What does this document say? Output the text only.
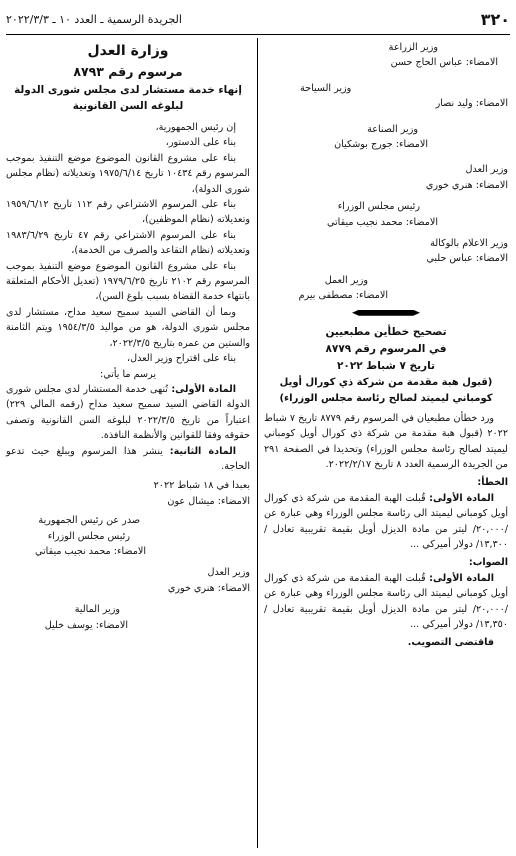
٣٢٠
الجريدة الرسمية ـ العدد ١٠ ـ ٢٠٢٢/٣/٣
وزير الزراعة
الامضاء: عباس الحاج حسن
وزير السياحة
الامضاء: وليد نصار
وزير الصناعة
الامضاء: جورج بوشكيان
وزير العدل
الامضاء: هنري خوري
رئيس مجلس الوزراء
الامضاء: محمد نجيب ميقاتي
وزير الاعلام بالوكالة
الامضاء: عباس حلبي
وزير العمل
الامضاء: مصطفى بيرم
تصحيح خطأين مطبعيين
في المرسوم رقم ٨٧٧٩
تاريخ ٧ شباط ٢٠٢٢
(قبول هبة مقدمة من شركة ذي كورال أويل كومباني ليميتد لصالح رئاسة مجلس الوزراء)

ورد خطأن مطبعيان في المرسوم رقم ٨٧٧٩ تاريخ ٧ شباط ٢٠٢٢ (قبول هبة مقدمة من شركة ذي كورال أويل كومباني ليميتد لصالح رئاسة مجلس الوزراء) وتحديدا في الصفحة ٢٩١ من الجريدة الرسمية العدد ٨ تاريخ ٢٠٢٢/٢/١٧.

الخطأ:

المادة الأولى: قُبلت الهبة المقدمة من شركة ذي كورال أويل كومباني ليميتد الى رئاسة مجلس الوزراء وهي عبارة عن /٢٠,٠٠٠/ ليتر من مادة الديزل أويل بقيمة تقريبية تعادل /١٣,٣٠٠/ دولار أميركي ...

الصواب:

المادة الأولى: قُبلت الهبة المقدمة من شركة ذي كورال أويل كومباني ليميتد الى رئاسة مجلس الوزراء وهي عبارة عن /٢٠,٠٠٠/ ليتر من مادة الديزل أويل بقيمة تقريبية تعادل /١٣,٣٥٠/ دولار أميركي ...

فاقتضى التصويب.
وزارة العدل
مرسوم رقم ٨٧٩٣
إنهاء خدمة مستشار لدى مجلس شورى الدولة لبلوغه السن القانونية

إن رئيس الجمهورية،

بناء على الدستور،

بناء على مشروع القانون الموضوع موضع التنفيذ بموجب المرسوم رقم ١٠٤٣٤ تاريخ ١٩٧٥/٦/١٤ وتعديلاته (نظام مجلس شورى الدولة)،

بناء على المرسوم الاشتراعي رقم ١١٢ تاريخ ١٩٥٩/٦/١٢ وتعديلاته (نظام الموظفين)،

بناء على المرسوم الاشتراعي رقم ٤٧ تاريخ ١٩٨٣/٦/٢٩ وتعديلاته (نظام التقاعد والصرف من الخدمة)،

بناء على مشروع القانون الموضوع موضع التنفيذ بموجب المرسوم رقم ٢١٠٢ تاريخ ١٩٧٩/٦/٢٥ (تعديل الأحكام المتعلقة بانتهاء خدمة القضاة بسبب بلوغ السن)،

وبما أن القاضي السيد سميح سعيد مداح، مستشار لدى مجلس شورى الدولة، هو من مواليد ١٩٥٤/٣/٥ ويتم الثامنة والستين من عمره بتاريخ ٢٠٢٢/٣/٥،

بناء على اقتراح وزير العدل،

يرسم ما يأتي:

المادة الأولى: تُنهى خدمة المستشار لدى مجلس شورى الدولة القاضي السيد سميح سعيد مداح (رقمه المالي ٢٢٩) اعتباراً من تاريخ ٢٠٢٢/٣/٥ لبلوغه السن القانونية وتصفى حقوقه وفقا للقوانين والأنظمة النافذة.

المادة الثانية: ينشر هذا المرسوم ويبلغ حيث تدعو الحاجة.

بعبدا في ١٨ شباط ٢٠٢٢
الامضاء: ميشال عون
صدر عن رئيس الجمهورية
رئيس مجلس الوزراء
الامضاء: محمد نجيب ميقاتي
وزير العدل
الامضاء: هنري خوري
وزير المالية
الامضاء: يوسف خليل
